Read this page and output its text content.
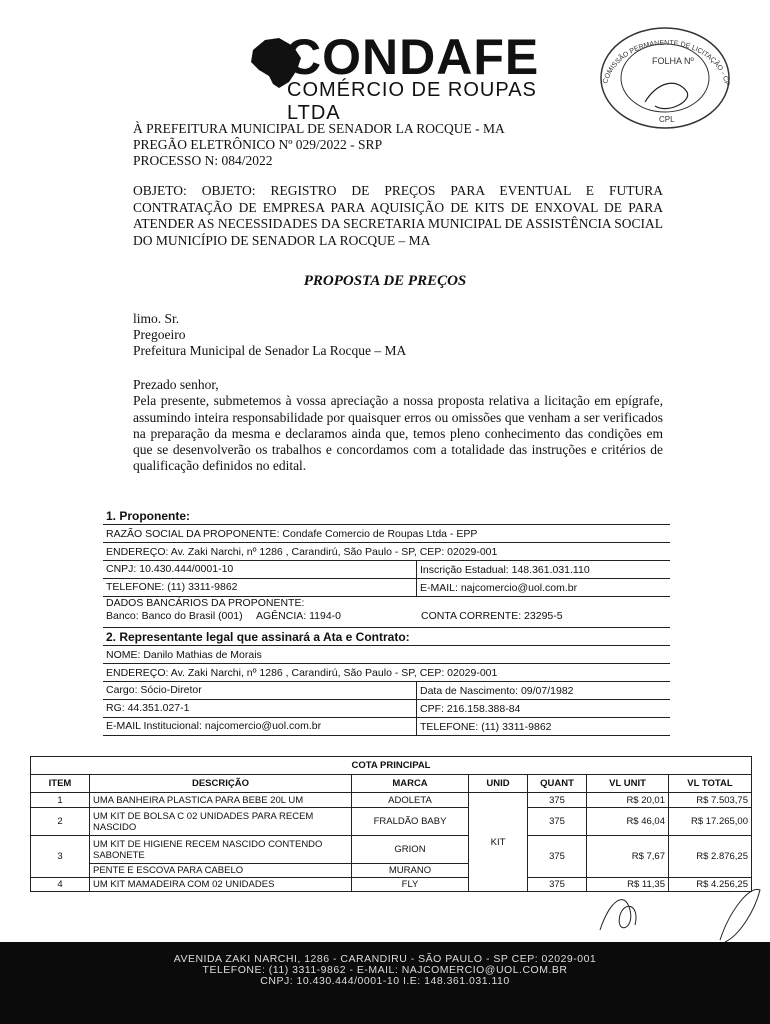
CONDAFE
COMÉRCIO DE ROUPAS LTDA
COMISSÃO PERMANENTE DE LICITAÇÃO - CP
FOLHA Nº
CPL
À PREFEITURA MUNICIPAL DE SENADOR LA ROCQUE - MA
PREGÃO ELETRÔNICO Nº 029/2022 - SRP
PROCESSO N: 084/2022
OBJETO: OBJETO: REGISTRO DE PREÇOS PARA EVENTUAL E FUTURA CONTRATAÇÃO DE EMPRESA PARA AQUISIÇÃO DE KITS DE ENXOVAL DE PARA ATENDER AS NECESSIDADES DA SECRETARIA MUNICIPAL DE ASSISTÊNCIA SOCIAL DO MUNICÍPIO DE SENADOR LA ROCQUE – MA
PROPOSTA DE PREÇOS
limo. Sr.
Pregoeiro
Prefeitura Municipal de Senador La Rocque – MA
Prezado senhor,
Pela presente, submetemos à vossa apreciação a nossa proposta relativa a licitação em epígrafe, assumindo inteira responsabilidade por quaisquer erros ou omissões que venham a ser verificados na preparação da mesma e declaramos ainda que, temos pleno conhecimento das condições em que se desenvolverão os trabalhos e concordamos com a totalidade das instruções e critérios de qualificação definidos no edital.
1. Proponente:
RAZÃO SOCIAL DA PROPONENTE: Condafe Comercio de Roupas Ltda - EPP
ENDEREÇO: Av. Zaki Narchi, nº 1286 , Carandirú, São Paulo - SP, CEP: 02029-001
CNPJ: 10.430.444/0001-10	Inscrição Estadual: 148.361.031.110
TELEFONE: (11) 3311-9862	E-MAIL: najcomercio@uol.com.br
DADOS BANCÁRIOS DA PROPONENTE:
Banco: Banco do Brasil (001)	AGÊNCIA: 1194-0	CONTA CORRENTE: 23295-5
2. Representante legal que assinará a Ata e Contrato:
NOME: Danilo Mathias de Morais
ENDEREÇO: Av. Zaki Narchi, nº 1286 , Carandirú, São Paulo - SP, CEP: 02029-001
Cargo: Sócio-Diretor	Data de Nascimento: 09/07/1982
RG: 44.351.027-1	CPF: 216.158.388-84
E-MAIL Institucional: najcomercio@uol.com.br	TELEFONE: (11) 3311-9862
COTA PRINCIPAL						
ITEM	DESCRIÇÃO	MARCA	UNID	QUANT	VL UNIT	VL TOTAL
1	UMA BANHEIRA PLASTICA PARA BEBE 20L UM	ADOLETA	KIT	375	R$ 20,01	R$ 7.503,75
2	UM KIT DE BOLSA C 02 UNIDADES PARA RECEM NASCIDO	FRALDÃO BABY		375	R$ 46,04	R$ 17.265,00
3	UM KIT DE HIGIENE RECEM NASCIDO CONTENDO SABONETE	GRION		375	R$ 7,67	R$ 2.876,25
	PENTE E ESCOVA PARA CABELO	MURANO				
4	UM KIT MAMADEIRA COM 02 UNIDADES	FLY		375	R$ 11,35	R$ 4.256,25
AVENIDA ZAKI NARCHI, 1286 - CARANDIRU - SÃO PAULO - SP CEP: 02029-001
TELEFONE: (11) 3311-9862 - E-MAIL: NAJCOMERCIO@UOL.COM.BR
CNPJ: 10.430.444/0001-10 I.E: 148.361.031.110
